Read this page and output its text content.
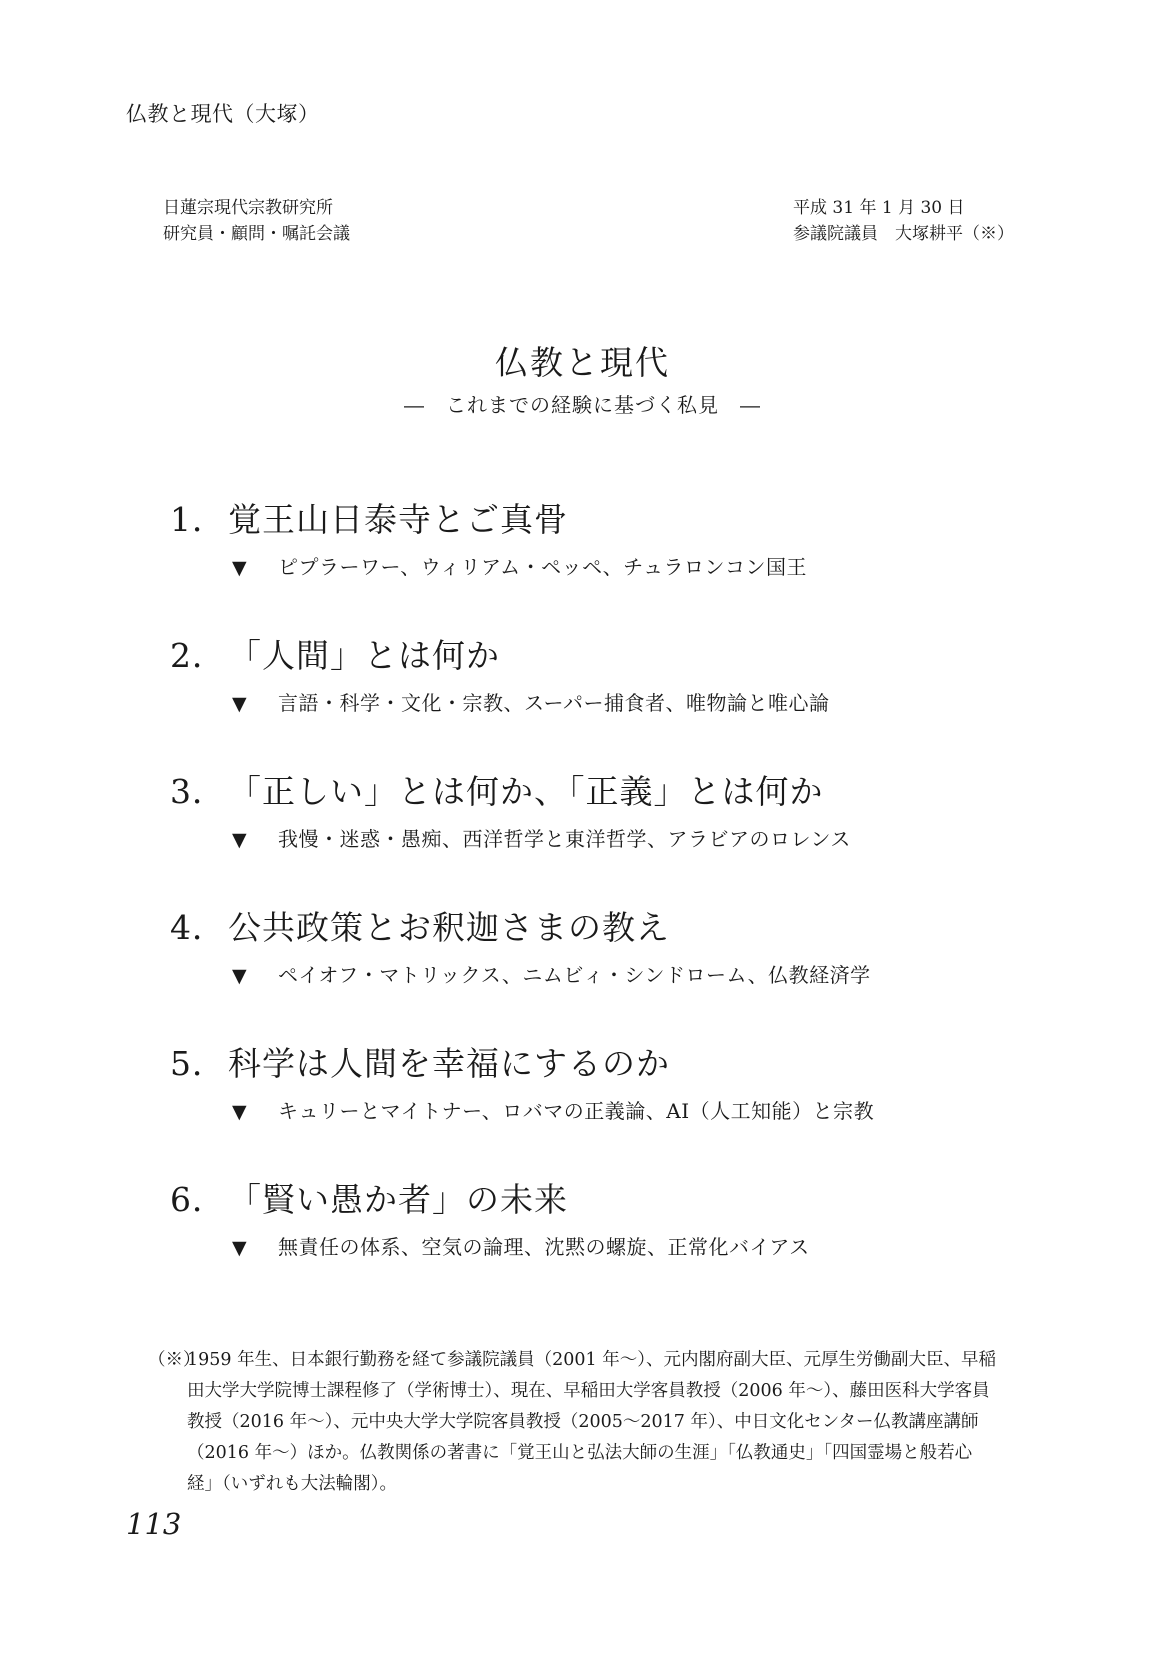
仏教と現代（大塚）
日蓮宗現代宗教研究所
研究員・顧問・嘱託会議
平成 31 年 1 月 30 日
参議院議員　大塚耕平（※）
仏教と現代
―　これまでの経験に基づく私見　―
1．覚王山日泰寺とご真骨
▼ ピプラーワー、ウィリアム・ペッペ、チュラロンコン国王
2．「人間」とは何か
▼ 言語・科学・文化・宗教、スーパー捕食者、唯物論と唯心論
3．「正しい」とは何か、「正義」とは何か
▼ 我慢・迷惑・愚痴、西洋哲学と東洋哲学、アラビアのロレンス
4．公共政策とお釈迦さまの教え
▼ ペイオフ・マトリックス、ニムビィ・シンドローム、仏教経済学
5．科学は人間を幸福にするのか
▼ キュリーとマイトナー、ロバマの正義論、AI（人工知能）と宗教
6．「賢い愚か者」の未来
▼ 無責任の体系、空気の論理、沈黙の螺旋、正常化バイアス
（※）
1959 年生、日本銀行勤務を経て参議院議員（2001 年～）、元内閣府副大臣、元厚生労働副大臣、早稲田大学大学院博士課程修了（学術博士）、現在、早稲田大学客員教授（2006 年～）、藤田医科大学客員教授（2016 年～）、元中央大学大学院客員教授（2005～2017 年）、中日文化センター仏教講座講師（2016 年～）ほか。仏教関係の著書に「覚王山と弘法大師の生涯」「仏教通史」「四国霊場と般若心経」（いずれも大法輪閣）。
113
